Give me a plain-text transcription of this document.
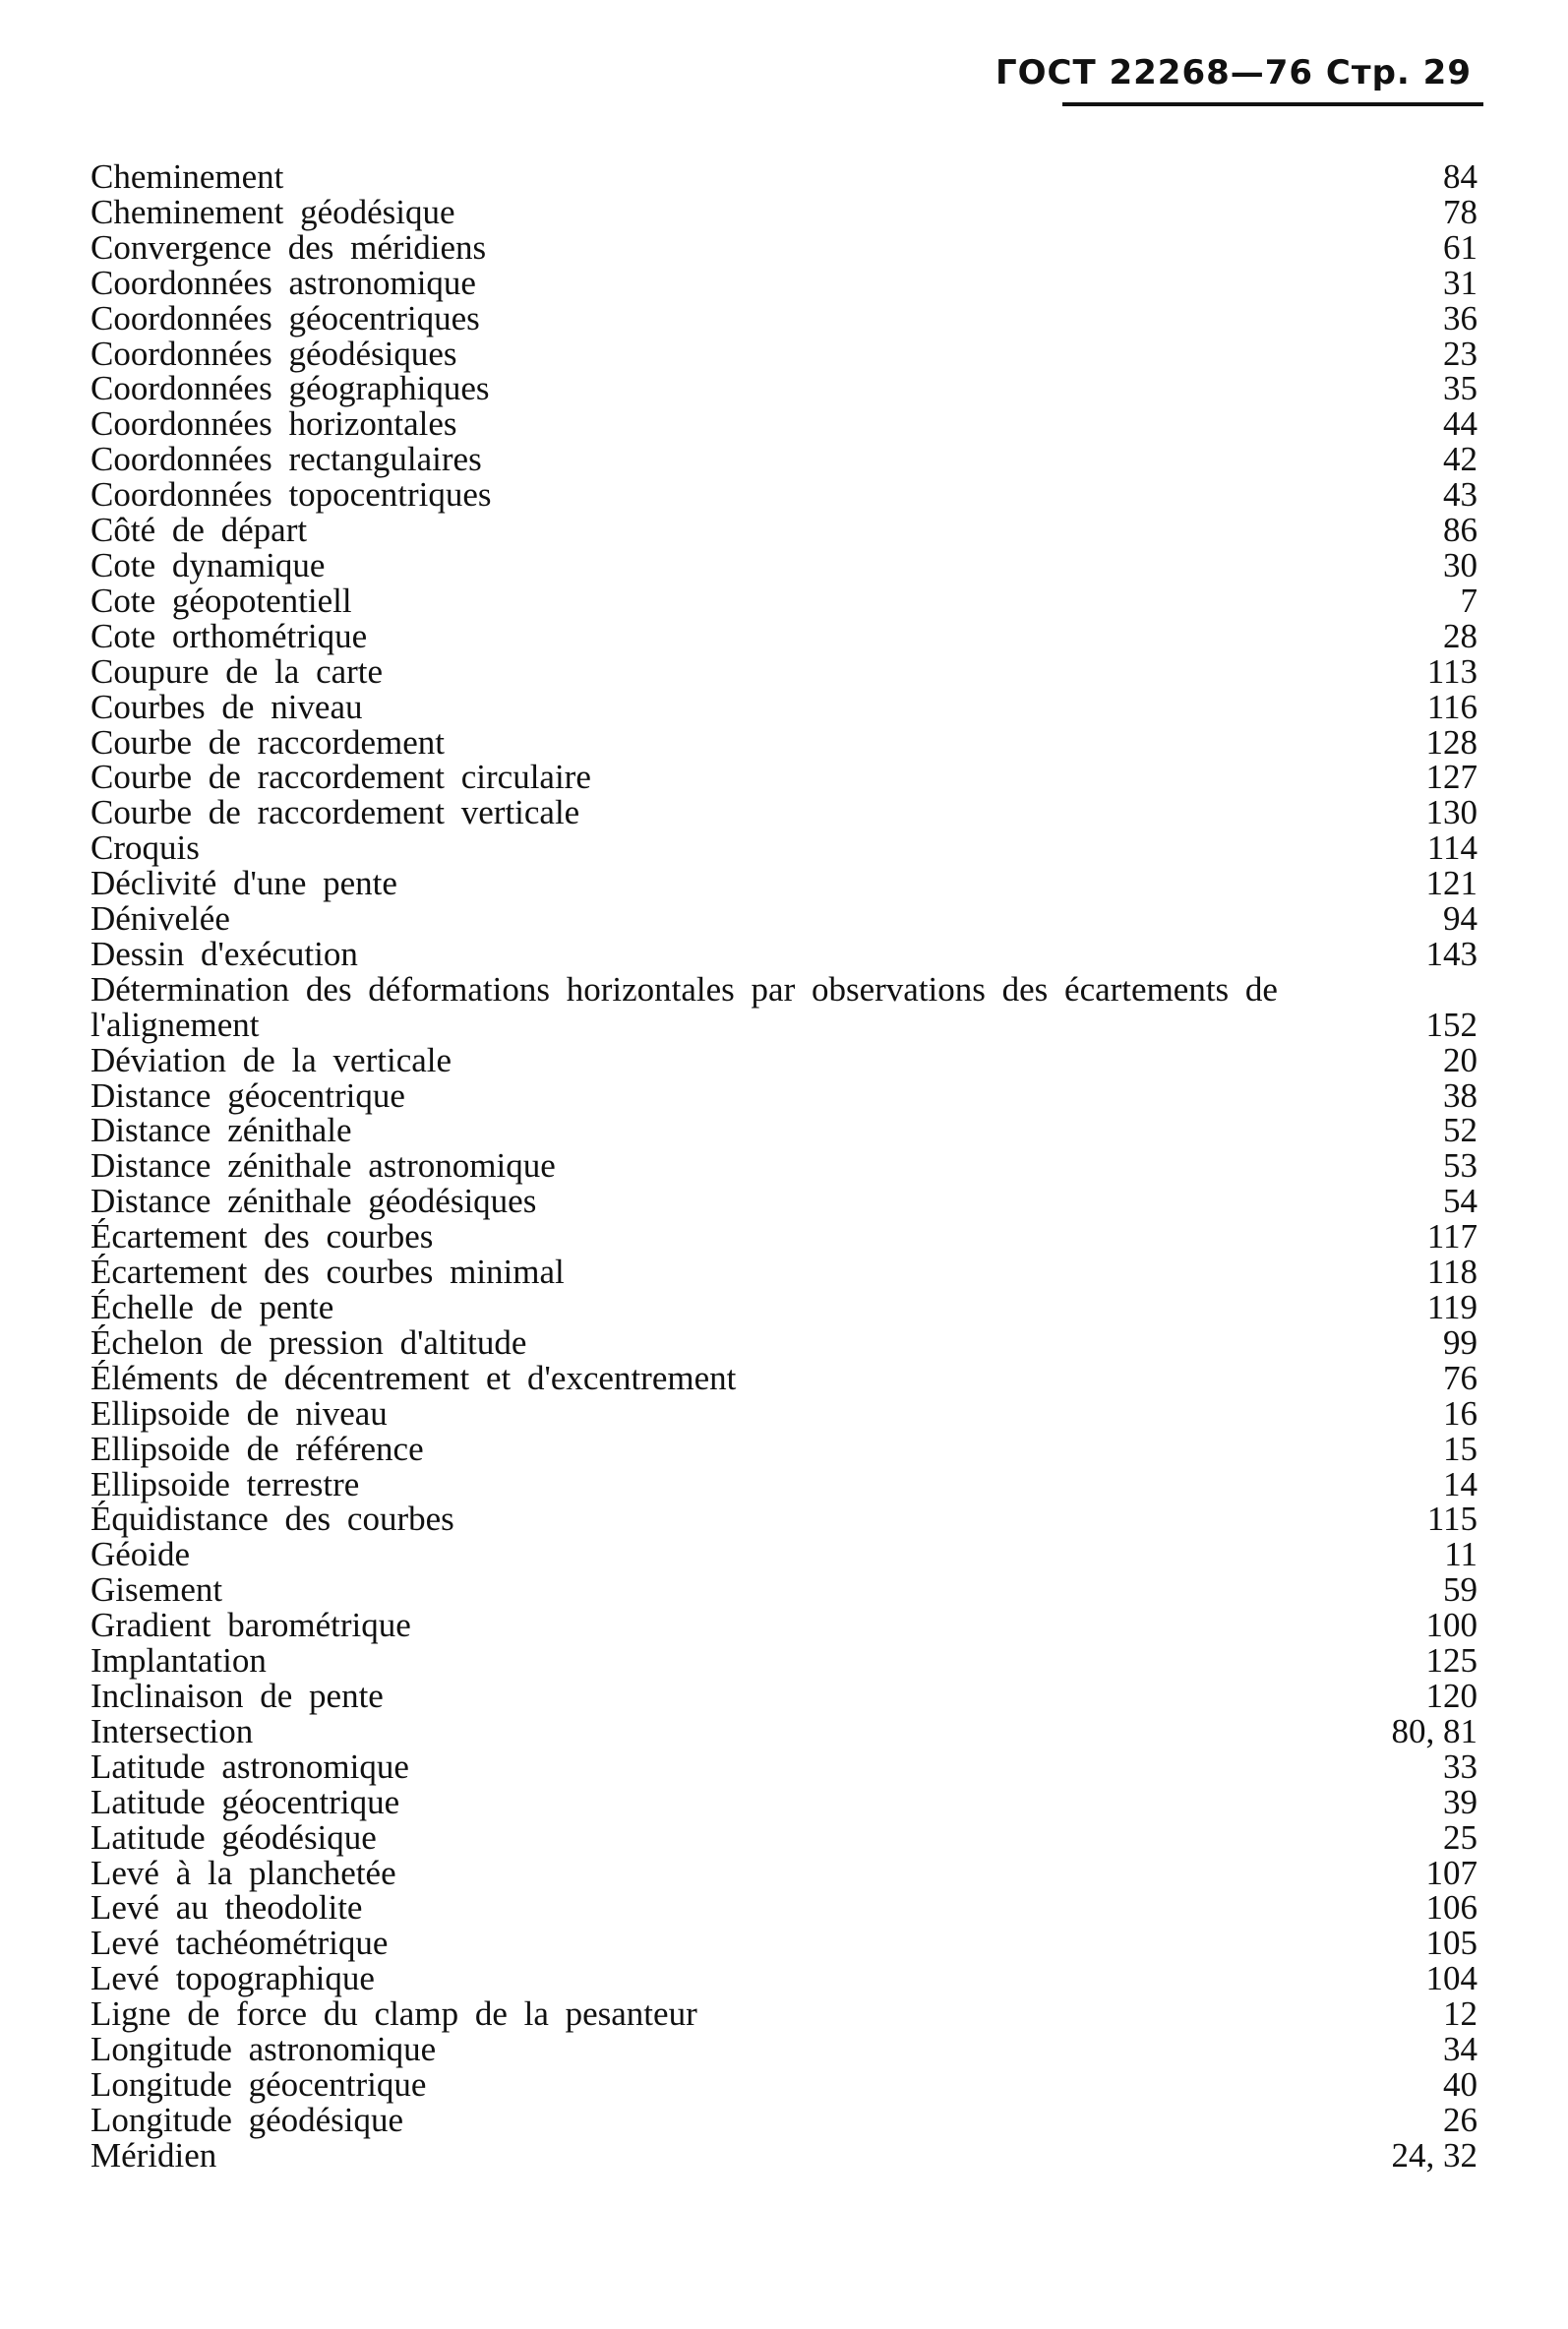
ГОСТ 22268—76 Стр. 29
Cheminement	84
Cheminement géodésique	78
Convergence des méridiens	61
Coordonnées astronomique	31
Coordonnées géocentriques	36
Coordonnées géodésiques	23
Coordonnées géographiques	35
Coordonnées horizontales	44
Coordonnées rectangulaires	42
Coordonnées topocentriques	43
Côté de départ	86
Cote dynamique	30
Cote géopotentiell	7
Cote orthométrique	28
Coupure de la carte	113
Courbes de niveau	116
Courbe de raccordement	128
Courbe de raccordement circulaire	127
Courbe de raccordement verticale	130
Croquis	114
Déclivité d'une pente	121
Dénivelée	94
Dessin d'exécution	143
Détermination des déformations horizontales par observations des écartements de l'alignement	152
Déviation de la verticale	20
Distance géocentrique	38
Distance zénithale	52
Distance zénithale astronomique	53
Distance zénithale géodésiques	54
Écartement des courbes	117
Écartement des courbes minimal	118
Échelle de pente	119
Échelon de pression d'altitude	99
Éléments de décentrement et d'excentrement	76
Ellipsoide de niveau	16
Ellipsoide de référence	15
Ellipsoide terrestre	14
Équidistance des courbes	115
Géoide	11
Gisement	59
Gradient barométrique	100
Implantation	125
Inclinaison de pente	120
Intersection	80, 81
Latitude astronomique	33
Latitude géocentrique	39
Latitude géodésique	25
Levé à la planchetée	107
Levé au theodolite	106
Levé tachéométrique	105
Levé topographique	104
Ligne de force du clamp de la pesanteur	12
Longitude astronomique	34
Longitude géocentrique	40
Longitude géodésique	26
Méridien	24, 32
